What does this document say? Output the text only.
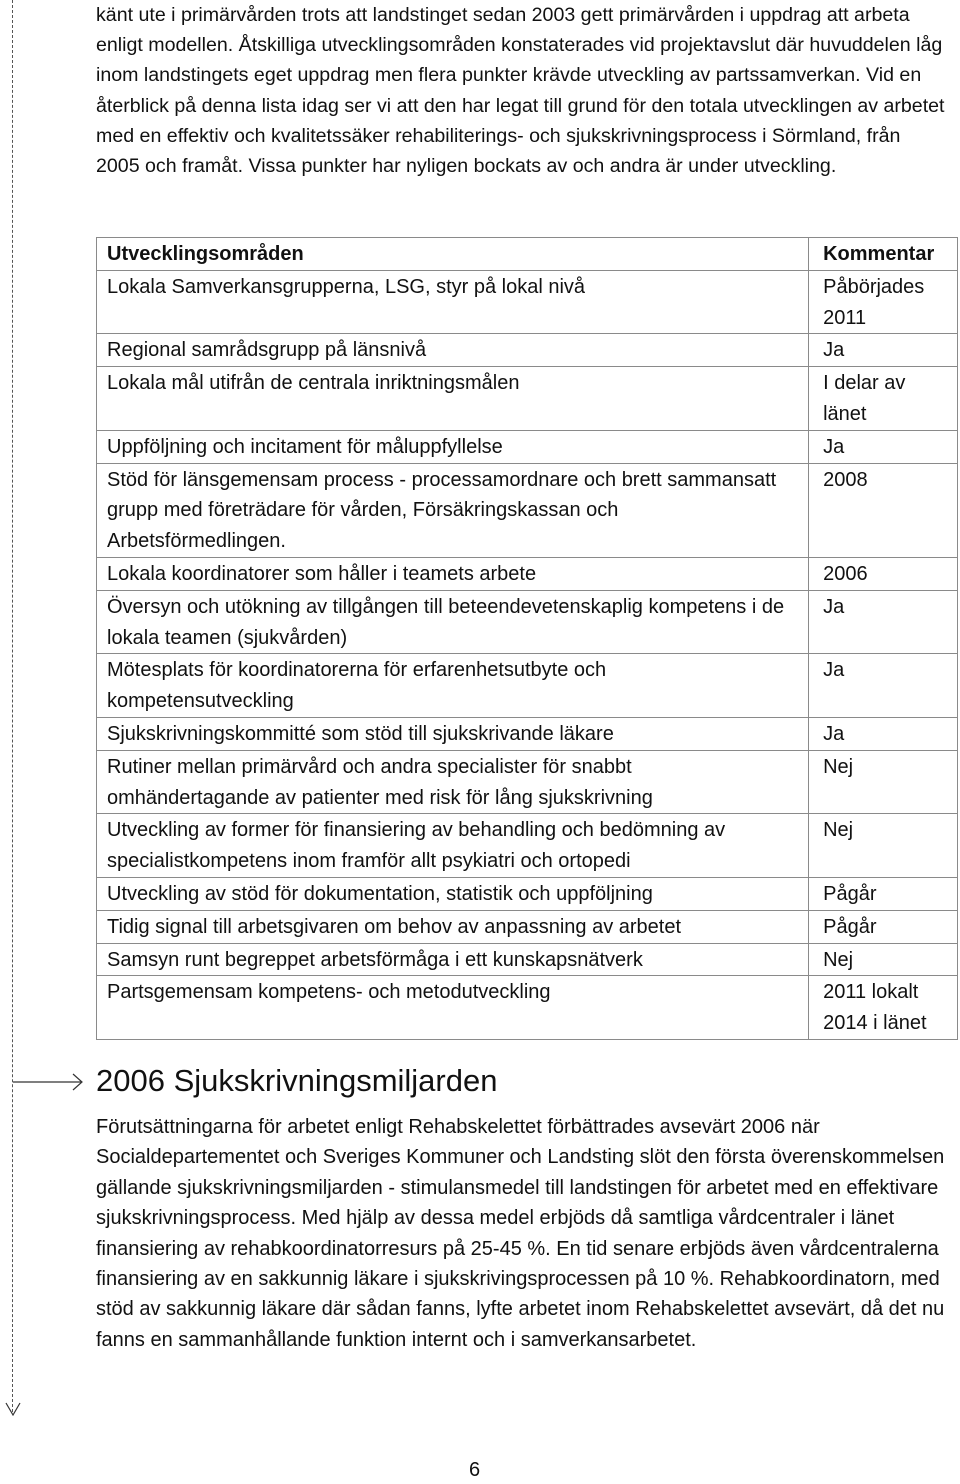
känt ute i primärvården trots att landstinget sedan 2003 gett primärvården i uppdrag att arbeta enligt modellen. Åtskilliga utvecklingsområden konstaterades vid projektavslut där huvuddelen låg inom landstingets eget uppdrag men flera punkter krävde utveckling av partssamverkan. Vid en återblick på denna lista idag ser vi att den har legat till grund för den totala utvecklingen av arbetet med en effektiv och kvalitetssäker rehabiliterings- och sjukskrivningsprocess i Sörmland, från 2005 och framåt. Vissa punkter har nyligen bockats av och andra är under utveckling.

Utvecklingsområden	Kommentar
Lokala Samverkansgrupperna, LSG, styr på lokal nivå	Påbörjades 2011
Regional samrådsgrupp på länsnivå	Ja
Lokala mål utifrån de centrala inriktningsmålen	I delar av länet
Uppföljning och incitament för måluppfyllelse	Ja
Stöd för länsgemensam process - processamordnare och brett sammansatt grupp med företrädare för vården, Försäkringskassan och Arbetsförmedlingen.	2008
Lokala koordinatorer som håller i teamets arbete	2006
Översyn och utökning av tillgången till beteendevetenskaplig kompetens i de lokala teamen (sjukvården)	Ja
Mötesplats för koordinatorerna för erfarenhetsutbyte och kompetensutveckling	Ja
Sjukskrivningskommitté som stöd till sjukskrivande läkare	Ja
Rutiner mellan primärvård och andra specialister för snabbt omhändertagande av patienter med risk för lång sjukskrivning	Nej
Utveckling av former för finansiering av behandling och bedömning av specialistkompetens inom framför allt psykiatri och ortopedi	Nej
Utveckling av stöd för dokumentation, statistik och uppföljning	Pågår
Tidig signal till arbetsgivaren om behov av anpassning av arbetet	Pågår
Samsyn runt begreppet arbetsförmåga i ett kunskapsnätverk	Nej
Partsgemensam kompetens- och metodutveckling	2011 lokalt 2014 i länet
2006 Sjukskrivningsmiljarden

Förutsättningarna för arbetet enligt Rehabskelettet förbättrades avsevärt 2006 när Socialdepartementet och Sveriges Kommuner och Landsting slöt den första överenskommelsen gällande sjukskrivningsmiljarden - stimulansmedel till landstingen för arbetet med en effektivare sjukskrivningsprocess. Med hjälp av dessa medel erbjöds då samtliga vårdcentraler i länet finansiering av rehabkoordinatorresurs på 25-45 %. En tid senare erbjöds även vårdcentralerna finansiering av en sakkunnig läkare i sjukskrivingsprocessen på 10 %. Rehabkoordinatorn, med stöd av sakkunnig läkare där sådan fanns, lyfte arbetet inom Rehabskelettet avsevärt, då det nu fanns en sammanhållande funktion internt och i samverkansarbetet.

6
